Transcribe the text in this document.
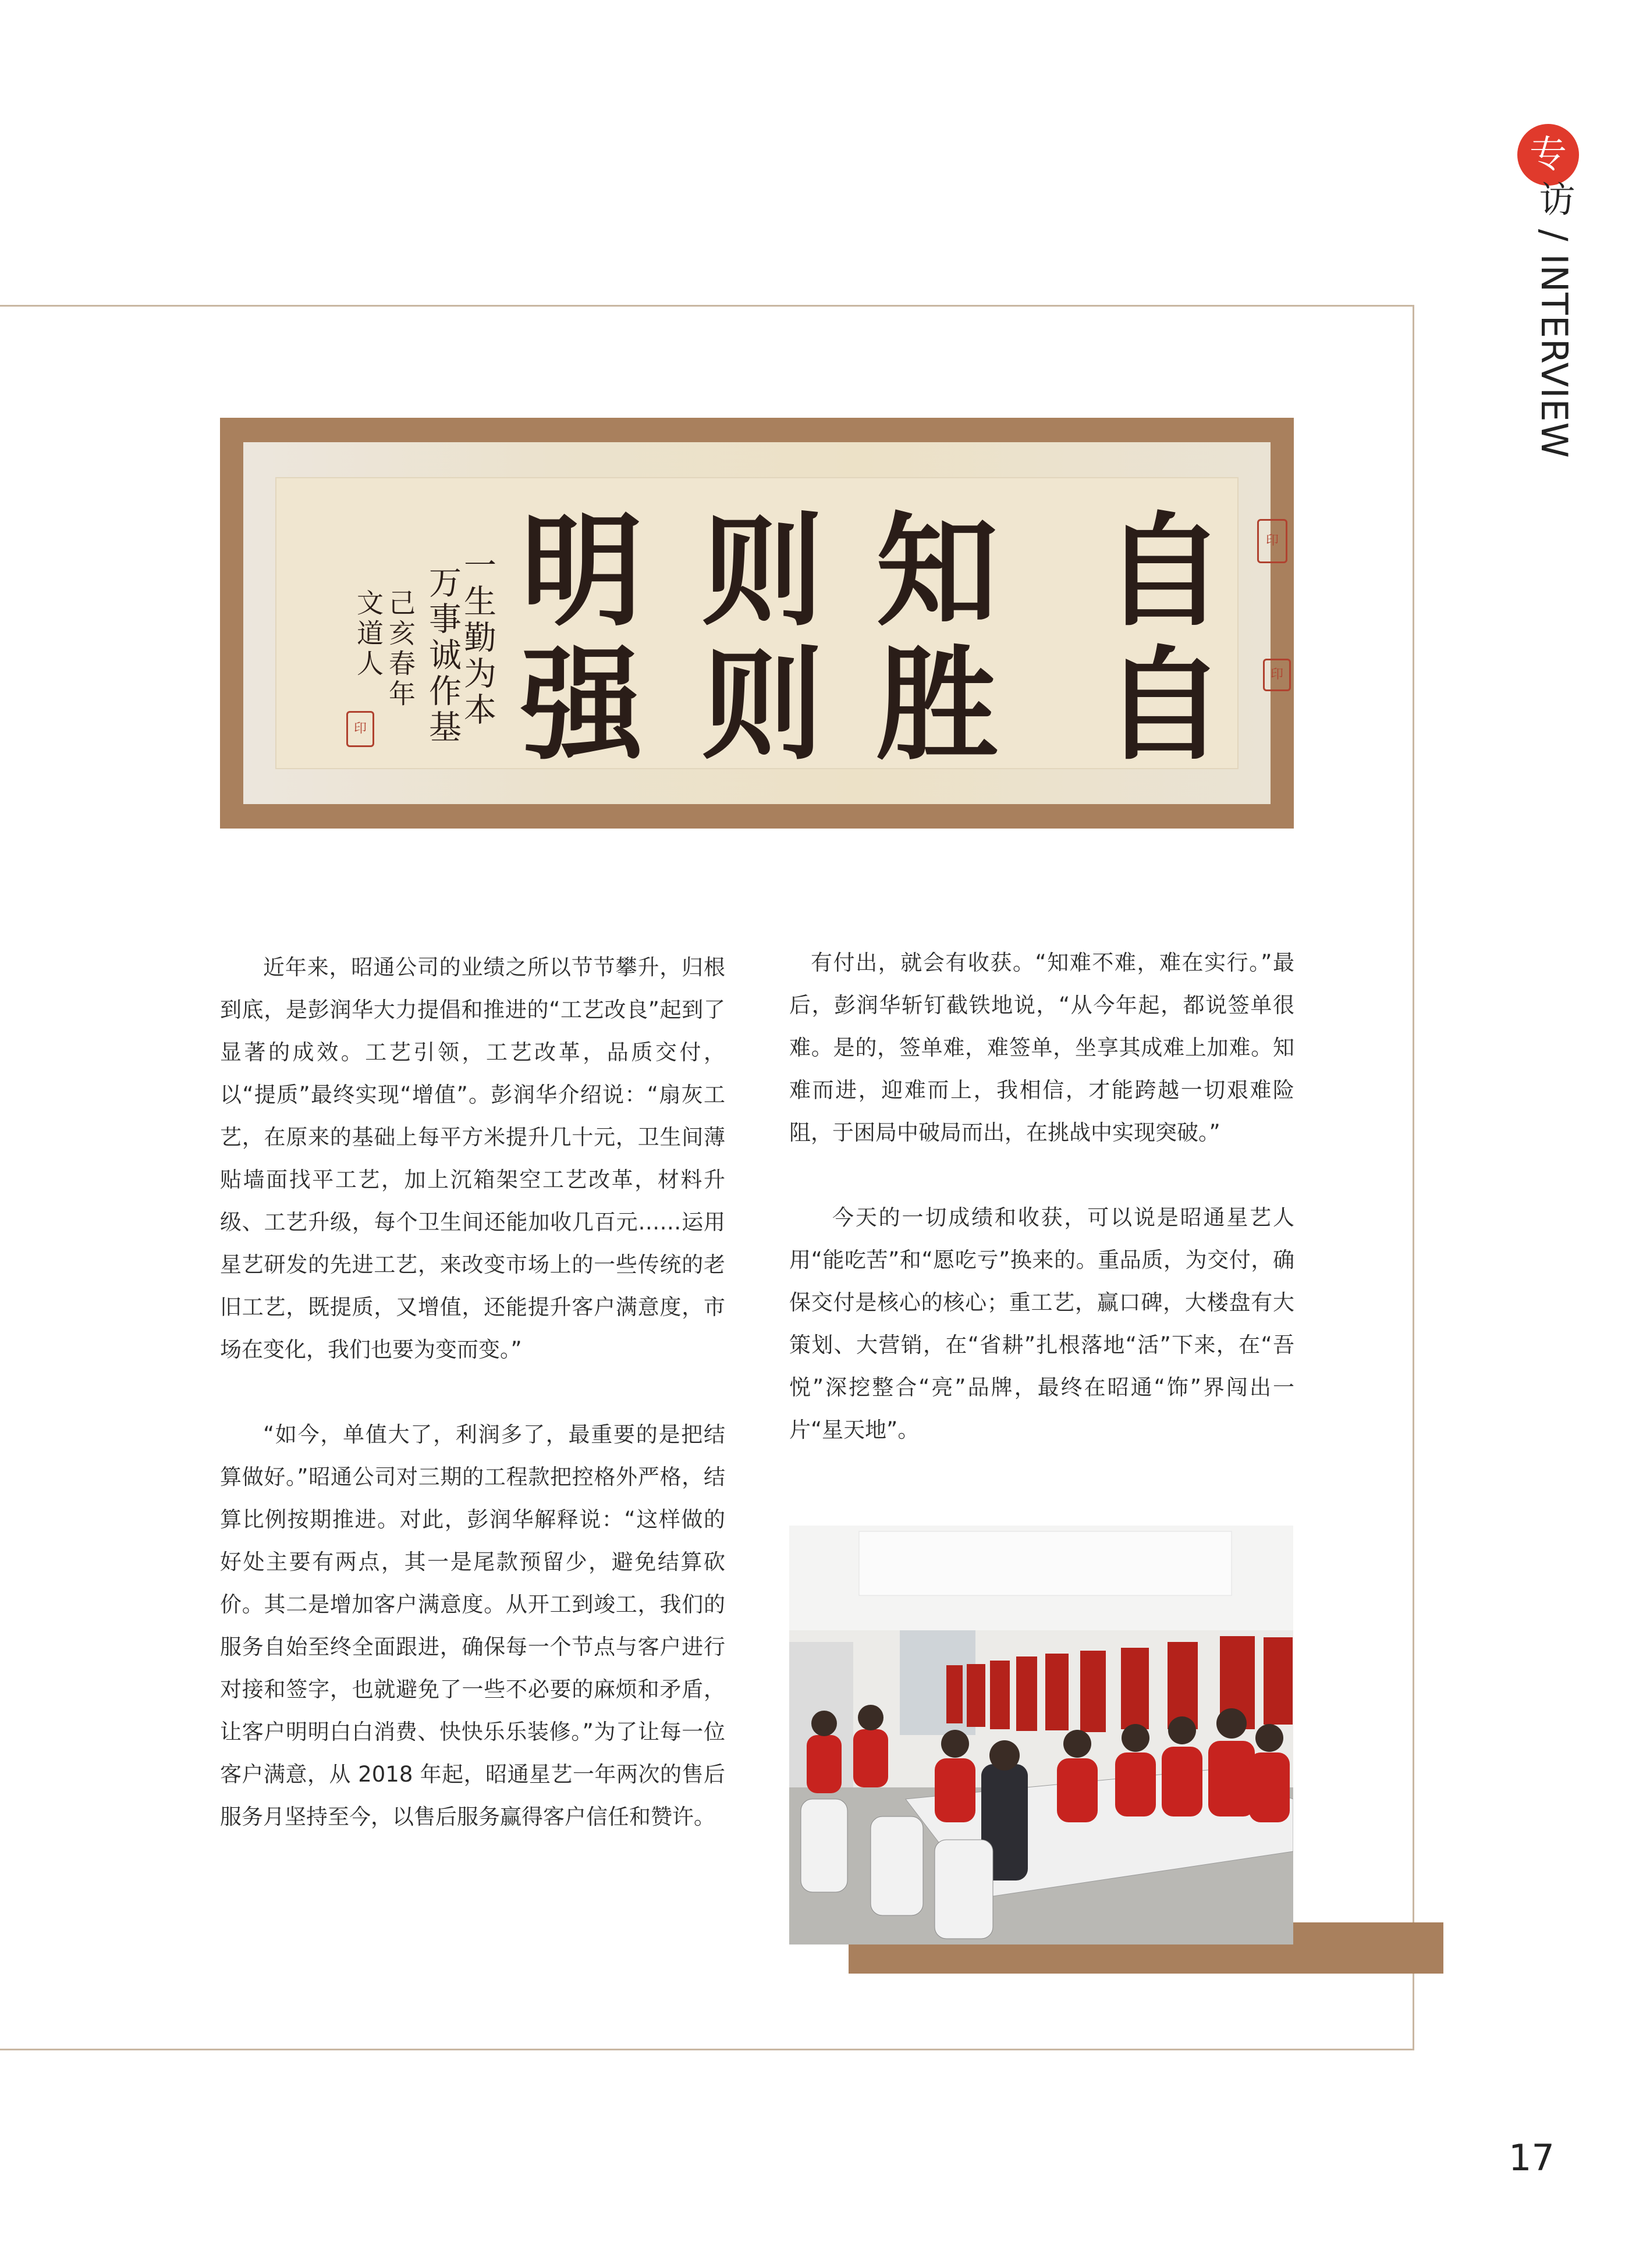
专
访 / INTERVIEW
自
自
知
胜
则
则
明
强
一生勤为本
万事诚作基
己亥春年
文道人
印
印
印

近年来，昭通公司的业绩之所以节节攀升，归根到底，是彭润华大力提倡和推进的“工艺改良”起到了显著的成效。工艺引领，工艺改革，品质交付，以“提质”最终实现“增值”。彭润华介绍说：“扇灰工艺，在原来的基础上每平方米提升几十元，卫生间薄贴墙面找平工艺，加上沉箱架空工艺改革，材料升级、工艺升级，每个卫生间还能加收几百元……运用星艺研发的先进工艺，来改变市场上的一些传统的老旧工艺，既提质，又增值，还能提升客户满意度，市场在变化，我们也要为变而变。”

“如今，单值大了，利润多了，最重要的是把结算做好。”昭通公司对三期的工程款把控格外严格，结算比例按期推进。对此，彭润华解释说：“这样做的好处主要有两点，其一是尾款预留少，避免结算砍价。其二是增加客户满意度。从开工到竣工，我们的服务自始至终全面跟进，确保每一个节点与客户进行对接和签字，也就避免了一些不必要的麻烦和矛盾，让客户明明白白消费、快快乐乐装修。”为了让每一位客户满意，从 2018 年起，昭通星艺一年两次的售后服务月坚持至今，以售后服务赢得客户信任和赞许。

有付出，就会有收获。“知难不难，难在实行。”最后，彭润华斩钉截铁地说，“从今年起，都说签单很难。是的，签单难，难签单，坐享其成难上加难。知难而进，迎难而上，我相信，才能跨越一切艰难险阻，于困局中破局而出，在挑战中实现突破。”

今天的一切成绩和收获，可以说是昭通星艺人用“能吃苦”和“愿吃亏”换来的。重品质，为交付，确保交付是核心的核心；重工艺，赢口碑，大楼盘有大策划、大营销，在“省耕”扎根落地“活”下来，在“吾悦”深挖整合“亮”品牌，最终在昭通“饰”界闯出一片“星天地”。

17
